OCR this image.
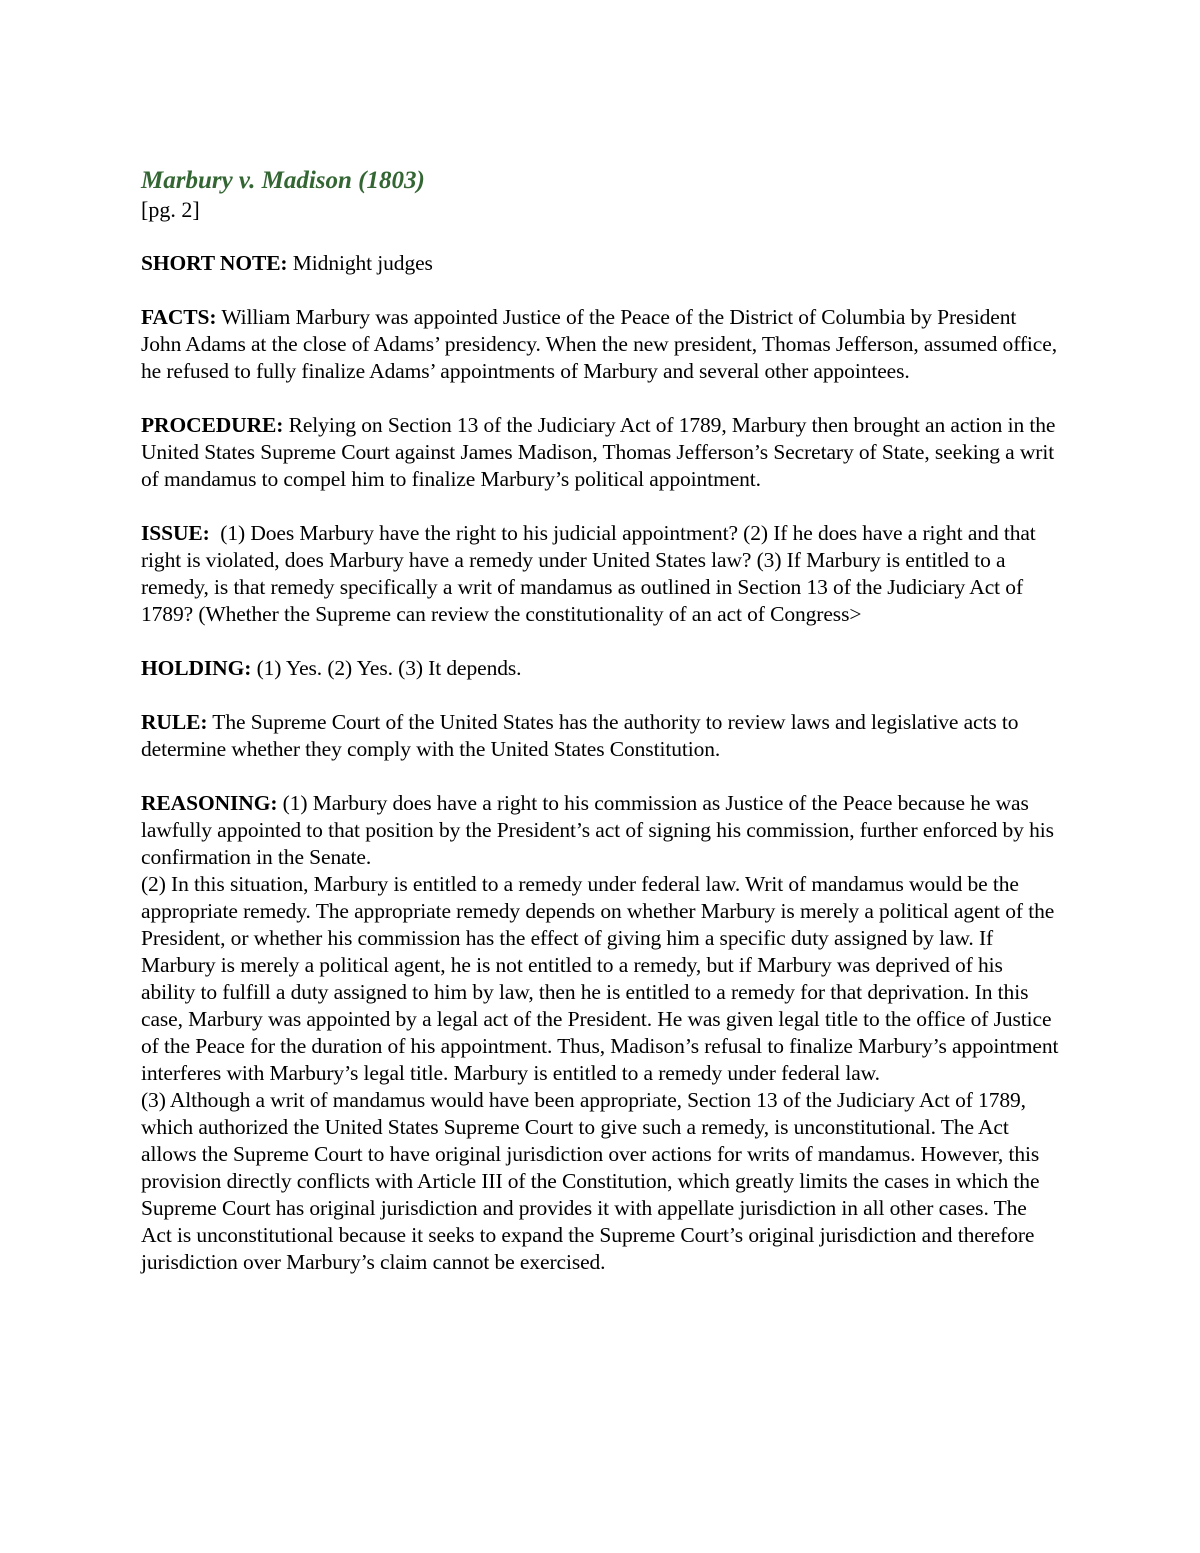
Marbury v. Madison (1803)

[pg. 2]

SHORT NOTE: Midnight judges

FACTS: William Marbury was appointed Justice of the Peace of the District of Columbia by President John Adams at the close of Adams’ presidency. When the new president, Thomas Jefferson, assumed office, he refused to fully finalize Adams’ appointments of Marbury and several other appointees.

PROCEDURE: Relying on Section 13 of the Judiciary Act of 1789, Marbury then brought an action in the United States Supreme Court against James Madison, Thomas Jefferson’s Secretary of State, seeking a writ of mandamus to compel him to finalize Marbury’s political appointment.

ISSUE:  (1) Does Marbury have the right to his judicial appointment? (2) If he does have a right and that right is violated, does Marbury have a remedy under United States law? (3) If Marbury is entitled to a remedy, is that remedy specifically a writ of mandamus as outlined in Section 13 of the Judiciary Act of 1789? (Whether the Supreme can review the constitutionality of an act of Congress>

HOLDING: (1) Yes. (2) Yes. (3) It depends.

RULE: The Supreme Court of the United States has the authority to review laws and legislative acts to determine whether they comply with the United States Constitution.

REASONING: (1) Marbury does have a right to his commission as Justice of the Peace because he was lawfully appointed to that position by the President’s act of signing his commission, further enforced by his confirmation in the Senate.

(2) In this situation, Marbury is entitled to a remedy under federal law. Writ of mandamus would be the appropriate remedy. The appropriate remedy depends on whether Marbury is merely a political agent of the President, or whether his commission has the effect of giving him a specific duty assigned by law. If Marbury is merely a political agent, he is not entitled to a remedy, but if Marbury was deprived of his ability to fulfill a duty assigned to him by law, then he is entitled to a remedy for that deprivation. In this case, Marbury was appointed by a legal act of the President. He was given legal title to the office of Justice of the Peace for the duration of his appointment. Thus, Madison’s refusal to finalize Marbury’s appointment interferes with Marbury’s legal title. Marbury is entitled to a remedy under federal law.

(3) Although a writ of mandamus would have been appropriate, Section 13 of the Judiciary Act of 1789, which authorized the United States Supreme Court to give such a remedy, is unconstitutional. The Act allows the Supreme Court to have original jurisdiction over actions for writs of mandamus. However, this provision directly conflicts with Article III of the Constitution, which greatly limits the cases in which the Supreme Court has original jurisdiction and provides it with appellate jurisdiction in all other cases. The Act is unconstitutional because it seeks to expand the Supreme Court’s original jurisdiction and therefore jurisdiction over Marbury’s claim cannot be exercised.
